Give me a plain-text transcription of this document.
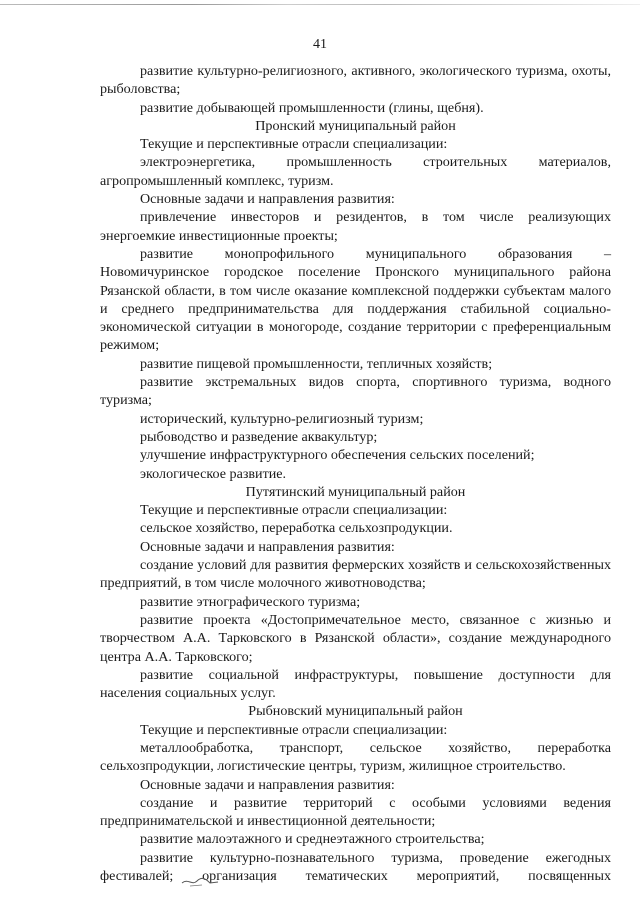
41

развитие культурно-религиозного, активного, экологического туризма, охоты, рыболовства;

развитие добывающей промышленности (глины, щебня).

Пронский муниципальный район

Текущие и перспективные отрасли специализации:

электроэнергетика, промышленность строительных материалов, агропромышленный комплекс, туризм.

Основные задачи и направления развития:

привлечение инвесторов и резидентов, в том числе реализующих энергоемкие инвестиционные проекты;

развитие монопрофильного муниципального образования – Новомичуринское городское поселение Пронского муниципального района Рязанской области, в том числе оказание комплексной поддержки субъектам малого и среднего предпринимательства для поддержания стабильной социально-экономической ситуации в моногороде, создание территории с преференциальным режимом;

развитие пищевой промышленности, тепличных хозяйств;

развитие экстремальных видов спорта, спортивного туризма, водного туризма;

исторический, культурно-религиозный туризм;

рыбоводство и разведение аквакультур;

улучшение инфраструктурного обеспечения сельских поселений;

экологическое развитие.

Путятинский муниципальный район

Текущие и перспективные отрасли специализации:

сельское хозяйство, переработка сельхозпродукции.

Основные задачи и направления развития:

создание условий для развития фермерских хозяйств и сельскохозяйственных предприятий, в том числе молочного животноводства;

развитие этнографического туризма;

развитие проекта «Достопримечательное место, связанное с жизнью и творчеством А.А. Тарковского в Рязанской области», создание международного центра А.А. Тарковского;

развитие социальной инфраструктуры, повышение доступности для населения социальных услуг.

Рыбновский муниципальный район

Текущие и перспективные отрасли специализации:

металлообработка, транспорт, сельское хозяйство, переработка сельхозпродукции, логистические центры, туризм, жилищное строительство.

Основные задачи и направления развития:

создание и развитие территорий с особыми условиями ведения предпринимательской и инвестиционной деятельности;

развитие малоэтажного и среднеэтажного строительства;

развитие культурно-познавательного туризма, проведение ежегодных фестивалей; организация тематических мероприятий, посвященных
